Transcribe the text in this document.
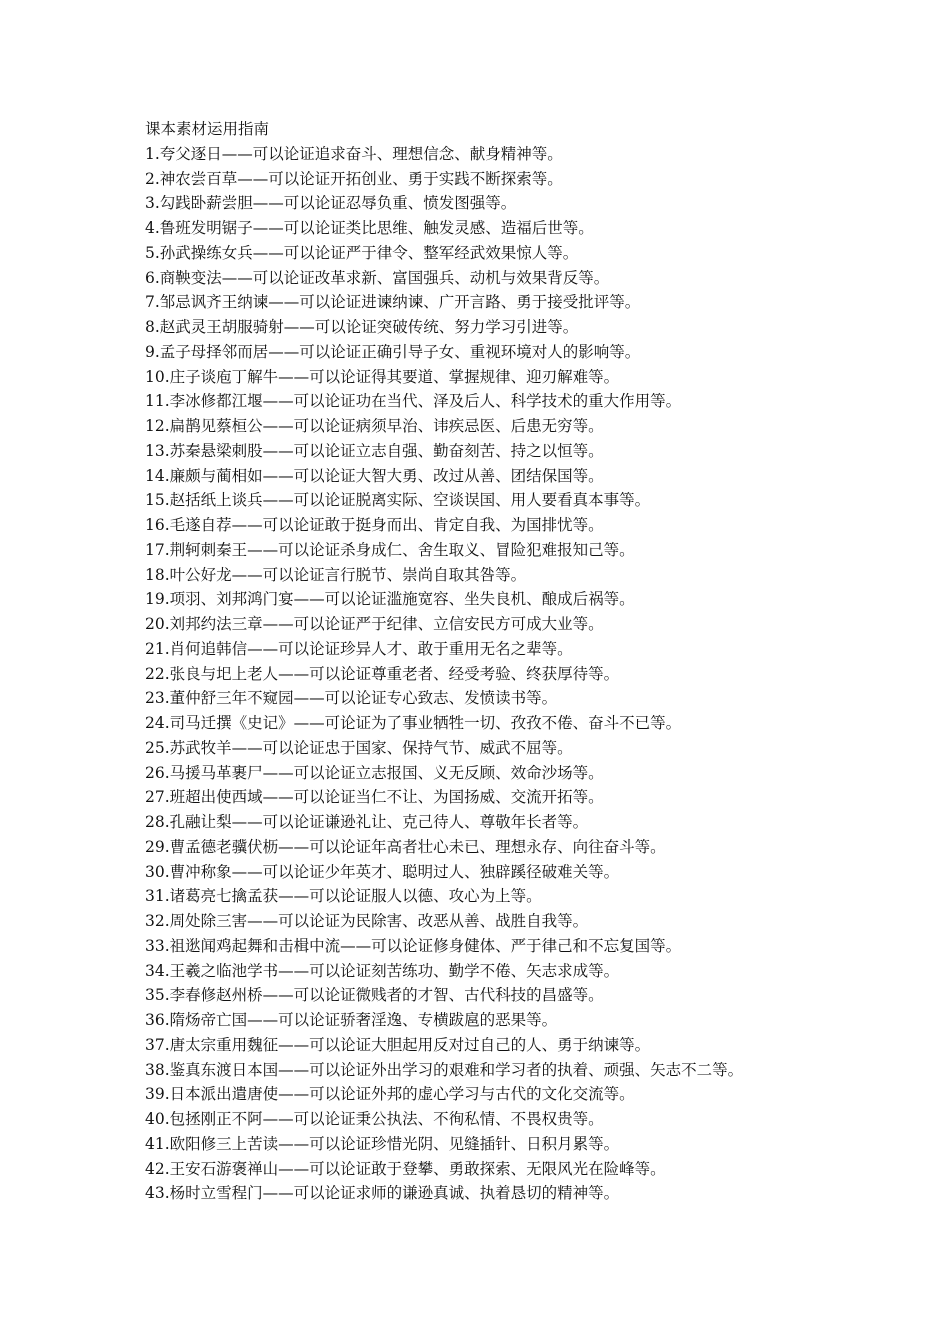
课本素材运用指南
1.夸父逐日——可以论证追求奋斗、理想信念、献身精神等。
2.神农尝百草——可以论证开拓创业、勇于实践不断探索等。
3.勾践卧薪尝胆——可以论证忍辱负重、愤发图强等。
4.鲁班发明锯子——可以论证类比思维、触发灵感、造福后世等。
5.孙武操练女兵——可以论证严于律令、整军经武效果惊人等。
6.商鞅变法——可以论证改革求新、富国强兵、动机与效果背反等。
7.邹忌讽齐王纳谏——可以论证进谏纳谏、广开言路、勇于接受批评等。
8.赵武灵王胡服骑射——可以论证突破传统、努力学习引进等。
9.孟子母择邻而居——可以论证正确引导子女、重视环境对人的影响等。
10.庄子谈庖丁解牛——可以论证得其要道、掌握规律、迎刃解难等。
11.李冰修都江堰——可以论证功在当代、泽及后人、科学技术的重大作用等。
12.扁鹊见蔡桓公——可以论证病须早治、讳疾忌医、后患无穷等。
13.苏秦悬梁刺股——可以论证立志自强、勤奋刻苦、持之以恒等。
14.廉颇与蔺相如——可以论证大智大勇、改过从善、团结保国等。
15.赵括纸上谈兵——可以论证脱离实际、空谈误国、用人要看真本事等。
16.毛遂自荐——可以论证敢于挺身而出、肯定自我、为国排忧等。
17.荆轲刺秦王——可以论证杀身成仁、舍生取义、冒险犯难报知己等。
18.叶公好龙——可以论证言行脱节、崇尚自取其咎等。
19.项羽、刘邦鸿门宴——可以论证滥施宽容、坐失良机、酿成后祸等。
20.刘邦约法三章——可以论证严于纪律、立信安民方可成大业等。
21.肖何追韩信——可以论证珍异人才、敢于重用无名之辈等。
22.张良与圯上老人——可以论证尊重老者、经受考验、终获厚待等。
23.董仲舒三年不窥园——可以论证专心致志、发愤读书等。
24.司马迁撰《史记》——可论证为了事业牺牲一切、孜孜不倦、奋斗不已等。
25.苏武牧羊——可以论证忠于国家、保持气节、威武不屈等。
26.马援马革裹尸——可以论证立志报国、义无反顾、效命沙场等。
27.班超出使西域——可以论证当仁不让、为国扬威、交流开拓等。
28.孔融让梨——可以论证谦逊礼让、克己待人、尊敬年长者等。
29.曹孟德老骥伏枥——可以论证年高者壮心未已、理想永存、向往奋斗等。
30.曹冲称象——可以论证少年英才、聪明过人、独辟蹊径破难关等。
31.诸葛亮七擒孟获——可以论证服人以德、攻心为上等。
32.周处除三害——可以论证为民除害、改恶从善、战胜自我等。
33.祖逖闻鸡起舞和击楫中流——可以论证修身健体、严于律己和不忘复国等。
34.王羲之临池学书——可以论证刻苦练功、勤学不倦、矢志求成等。
35.李春修赵州桥——可以论证微贱者的才智、古代科技的昌盛等。
36.隋炀帝亡国——可以论证骄奢淫逸、专横跋扈的恶果等。
37.唐太宗重用魏征——可以论证大胆起用反对过自己的人、勇于纳谏等。
38.鉴真东渡日本国——可以论证外出学习的艰难和学习者的执着、顽强、矢志不二等。
39.日本派出遣唐使——可以论证外邦的虚心学习与古代的文化交流等。
40.包拯刚正不阿——可以论证秉公执法、不徇私情、不畏权贵等。
41.欧阳修三上苦读——可以论证珍惜光阴、见缝插针、日积月累等。
42.王安石游褒禅山——可以论证敢于登攀、勇敢探索、无限风光在险峰等。
43.杨时立雪程门——可以论证求师的谦逊真诚、执着恳切的精神等。
